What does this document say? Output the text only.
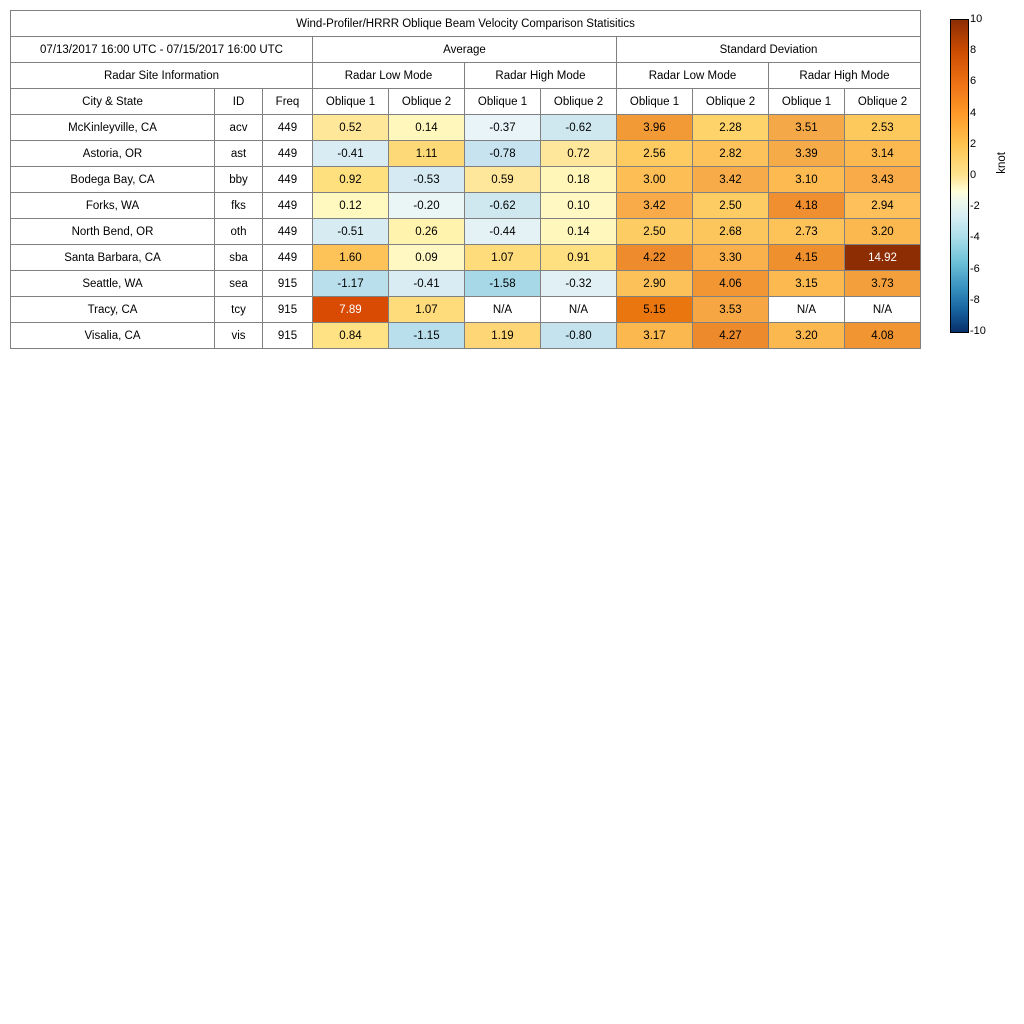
Wind-Profiler/HRRR Oblique Beam Velocity Comparison Statisitics										
07/13/2017 16:00 UTC - 07/15/2017 16:00 UTC			Average				Standard Deviation			
Radar Site Information			Radar Low Mode		Radar High Mode		Radar Low Mode		Radar High Mode	
City & State	ID	Freq	Oblique 1	Oblique 2	Oblique 1	Oblique 2	Oblique 1	Oblique 2	Oblique 1	Oblique 2
McKinleyville, CA	acv	449	0.52	0.14	-0.37	-0.62	3.96	2.28	3.51	2.53
Astoria, OR	ast	449	-0.41	1.11	-0.78	0.72	2.56	2.82	3.39	3.14
Bodega Bay, CA	bby	449	0.92	-0.53	0.59	0.18	3.00	3.42	3.10	3.43
Forks, WA	fks	449	0.12	-0.20	-0.62	0.10	3.42	2.50	4.18	2.94
North Bend, OR	oth	449	-0.51	0.26	-0.44	0.14	2.50	2.68	2.73	3.20
Santa Barbara, CA	sba	449	1.60	0.09	1.07	0.91	4.22	3.30	4.15	14.92
Seattle, WA	sea	915	-1.17	-0.41	-1.58	-0.32	2.90	4.06	3.15	3.73
Tracy, CA	tcy	915	7.89	1.07	N/A	N/A	5.15	3.53	N/A	N/A
Visalia, CA	vis	915	0.84	-1.15	1.19	-0.80	3.17	4.27	3.20	4.08
10
8
6
4
2
0
-2
-4
-6
-8
-10
knot
